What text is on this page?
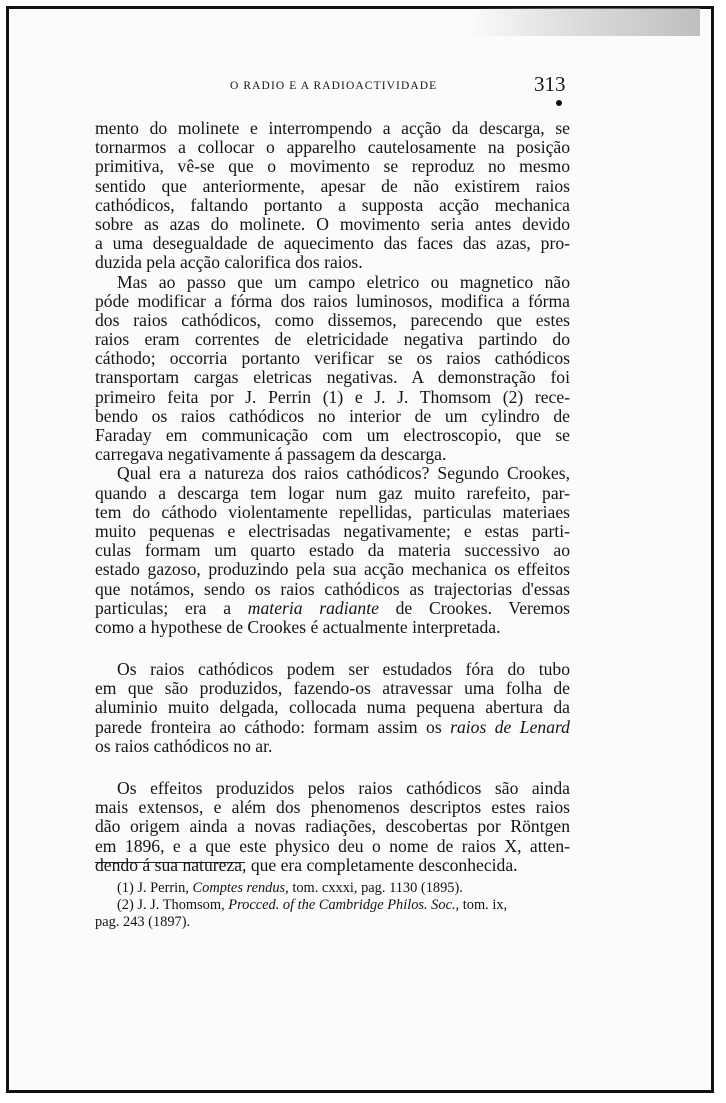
O RADIO E A RADIOACTIVIDADE	313
mento do molinete e interrompendo a acção da descarga, se
tornarmos a collocar o apparelho cautelosamente na posição
primitiva, vê-se que o movimento se reproduz no mesmo
sentido que anteriormente, apesar de não existirem raios
cathódicos, faltando portanto a supposta acção mechanica
sobre as azas do molinete. O movimento seria antes devido
a uma desegualdade de aquecimento das faces das azas, pro-
duzida pela acção calorifica dos raios.
Mas ao passo que um campo eletrico ou magnetico não
póde modificar a fórma dos raios luminosos, modifica a fórma
dos raios cathódicos, como dissemos, parecendo que estes
raios eram correntes de eletricidade negativa partindo do
cáthodo; occorria portanto verificar se os raios cathódicos
transportam cargas eletricas negativas. A demonstração foi
primeiro feita por J. Perrin (1) e J. J. Thomsom (2) rece-
bendo os raios cathódicos no interior de um cylindro de
Faraday em communicação com um electroscopio, que se
carregava negativamente á passagem da descarga.
Qual era a natureza dos raios cathódicos? Segundo Crookes,
quando a descarga tem logar num gaz muito rarefeito, par-
tem do cáthodo violentamente repellidas, particulas materiaes
muito pequenas e electrisadas negativamente; e estas parti-
culas formam um quarto estado da materia successivo ao
estado gazoso, produzindo pela sua acção mechanica os effeitos
que notámos, sendo os raios cathódicos as trajectorias d'essas
particulas; era a materia radiante de Crookes. Veremos
como a hypothese de Crookes é actualmente interpretada.
Os raios cathódicos podem ser estudados fóra do tubo
em que são produzidos, fazendo-os atravessar uma folha de
aluminio muito delgada, collocada numa pequena abertura da
parede fronteira ao cáthodo: formam assim os raios de Lenard
os raios cathódicos no ar.
Os effeitos produzidos pelos raios cathódicos são ainda
mais extensos, e além dos phenomenos descriptos estes raios
dão origem ainda a novas radiações, descobertas por Röntgen
em 1896, e a que este physico deu o nome de raios X, atten-
dendo á sua natureza, que era completamente desconhecida.
(1) J. Perrin, Comptes rendus, tom. cxxxi, pag. 1130 (1895).
(2) J. J. Thomsom, Procced. of the Cambridge Philos. Soc., tom. ix,
pag. 243 (1897).
